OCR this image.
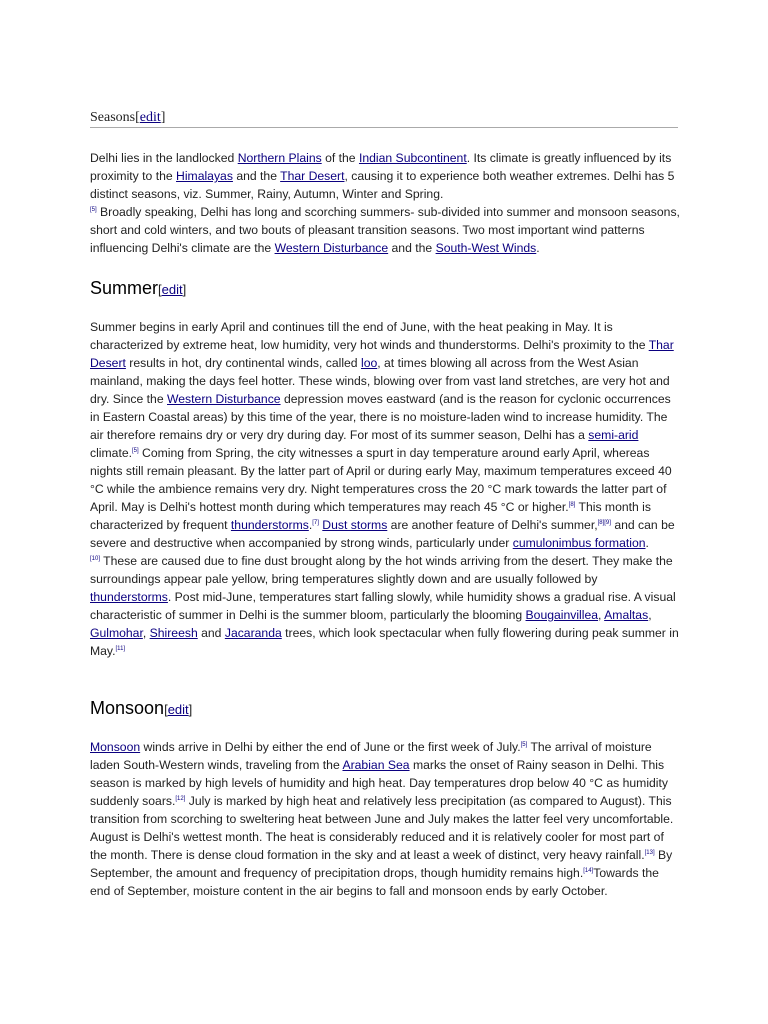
Seasons[edit]

Delhi lies in the landlocked Northern Plains of the Indian Subcontinent. Its climate is greatly influenced by its proximity to the Himalayas and the Thar Desert, causing it to experience both weather extremes. Delhi has 5 distinct seasons, viz. Summer, Rainy, Autumn, Winter and Spring.
[5] Broadly speaking, Delhi has long and scorching summers- sub-divided into summer and monsoon seasons, short and cold winters, and two bouts of pleasant transition seasons. Two most important wind patterns influencing Delhi's climate are the Western Disturbance and the South-West Winds.

Summer[edit]

Summer begins in early April and continues till the end of June, with the heat peaking in May. It is characterized by extreme heat, low humidity, very hot winds and thunderstorms. Delhi's proximity to the Thar Desert results in hot, dry continental winds, called loo, at times blowing all across from the West Asian mainland, making the days feel hotter. These winds, blowing over from vast land stretches, are very hot and dry. Since the Western Disturbance depression moves eastward (and is the reason for cyclonic occurrences in Eastern Coastal areas) by this time of the year, there is no moisture-laden wind to increase humidity. The air therefore remains dry or very dry during day. For most of its summer season, Delhi has a semi-arid climate.[5] Coming from Spring, the city witnesses a spurt in day temperature around early April, whereas nights still remain pleasant. By the latter part of April or during early May, maximum temperatures exceed 40 °C while the ambience remains very dry. Night temperatures cross the 20 °C mark towards the latter part of April. May is Delhi's hottest month during which temperatures may reach 45 °C or higher.[8] This month is characterized by frequent thunderstorms.[7] Dust storms are another feature of Delhi's summer,[8][9] and can be severe and destructive when accompanied by strong winds, particularly under cumulonimbus formation.
[10] These are caused due to fine dust brought along by the hot winds arriving from the desert. They make the surroundings appear pale yellow, bring temperatures slightly down and are usually followed by thunderstorms. Post mid-June, temperatures start falling slowly, while humidity shows a gradual rise. A visual characteristic of summer in Delhi is the summer bloom, particularly the blooming Bougainvillea, Amaltas, Gulmohar, Shireesh and Jacaranda trees, which look spectacular when fully flowering during peak summer in May.[11]

Monsoon[edit]

Monsoon winds arrive in Delhi by either the end of June or the first week of July.[5] The arrival of moisture laden South-Western winds, traveling from the Arabian Sea marks the onset of Rainy season in Delhi. This season is marked by high levels of humidity and high heat. Day temperatures drop below 40 °C as humidity suddenly soars.[12] July is marked by high heat and relatively less precipitation (as compared to August). This transition from scorching to sweltering heat between June and July makes the latter feel very uncomfortable. August is Delhi's wettest month. The heat is considerably reduced and it is relatively cooler for most part of the month. There is dense cloud formation in the sky and at least a week of distinct, very heavy rainfall.[13] By September, the amount and frequency of precipitation drops, though humidity remains high.[14]Towards the end of September, moisture content in the air begins to fall and monsoon ends by early October.
